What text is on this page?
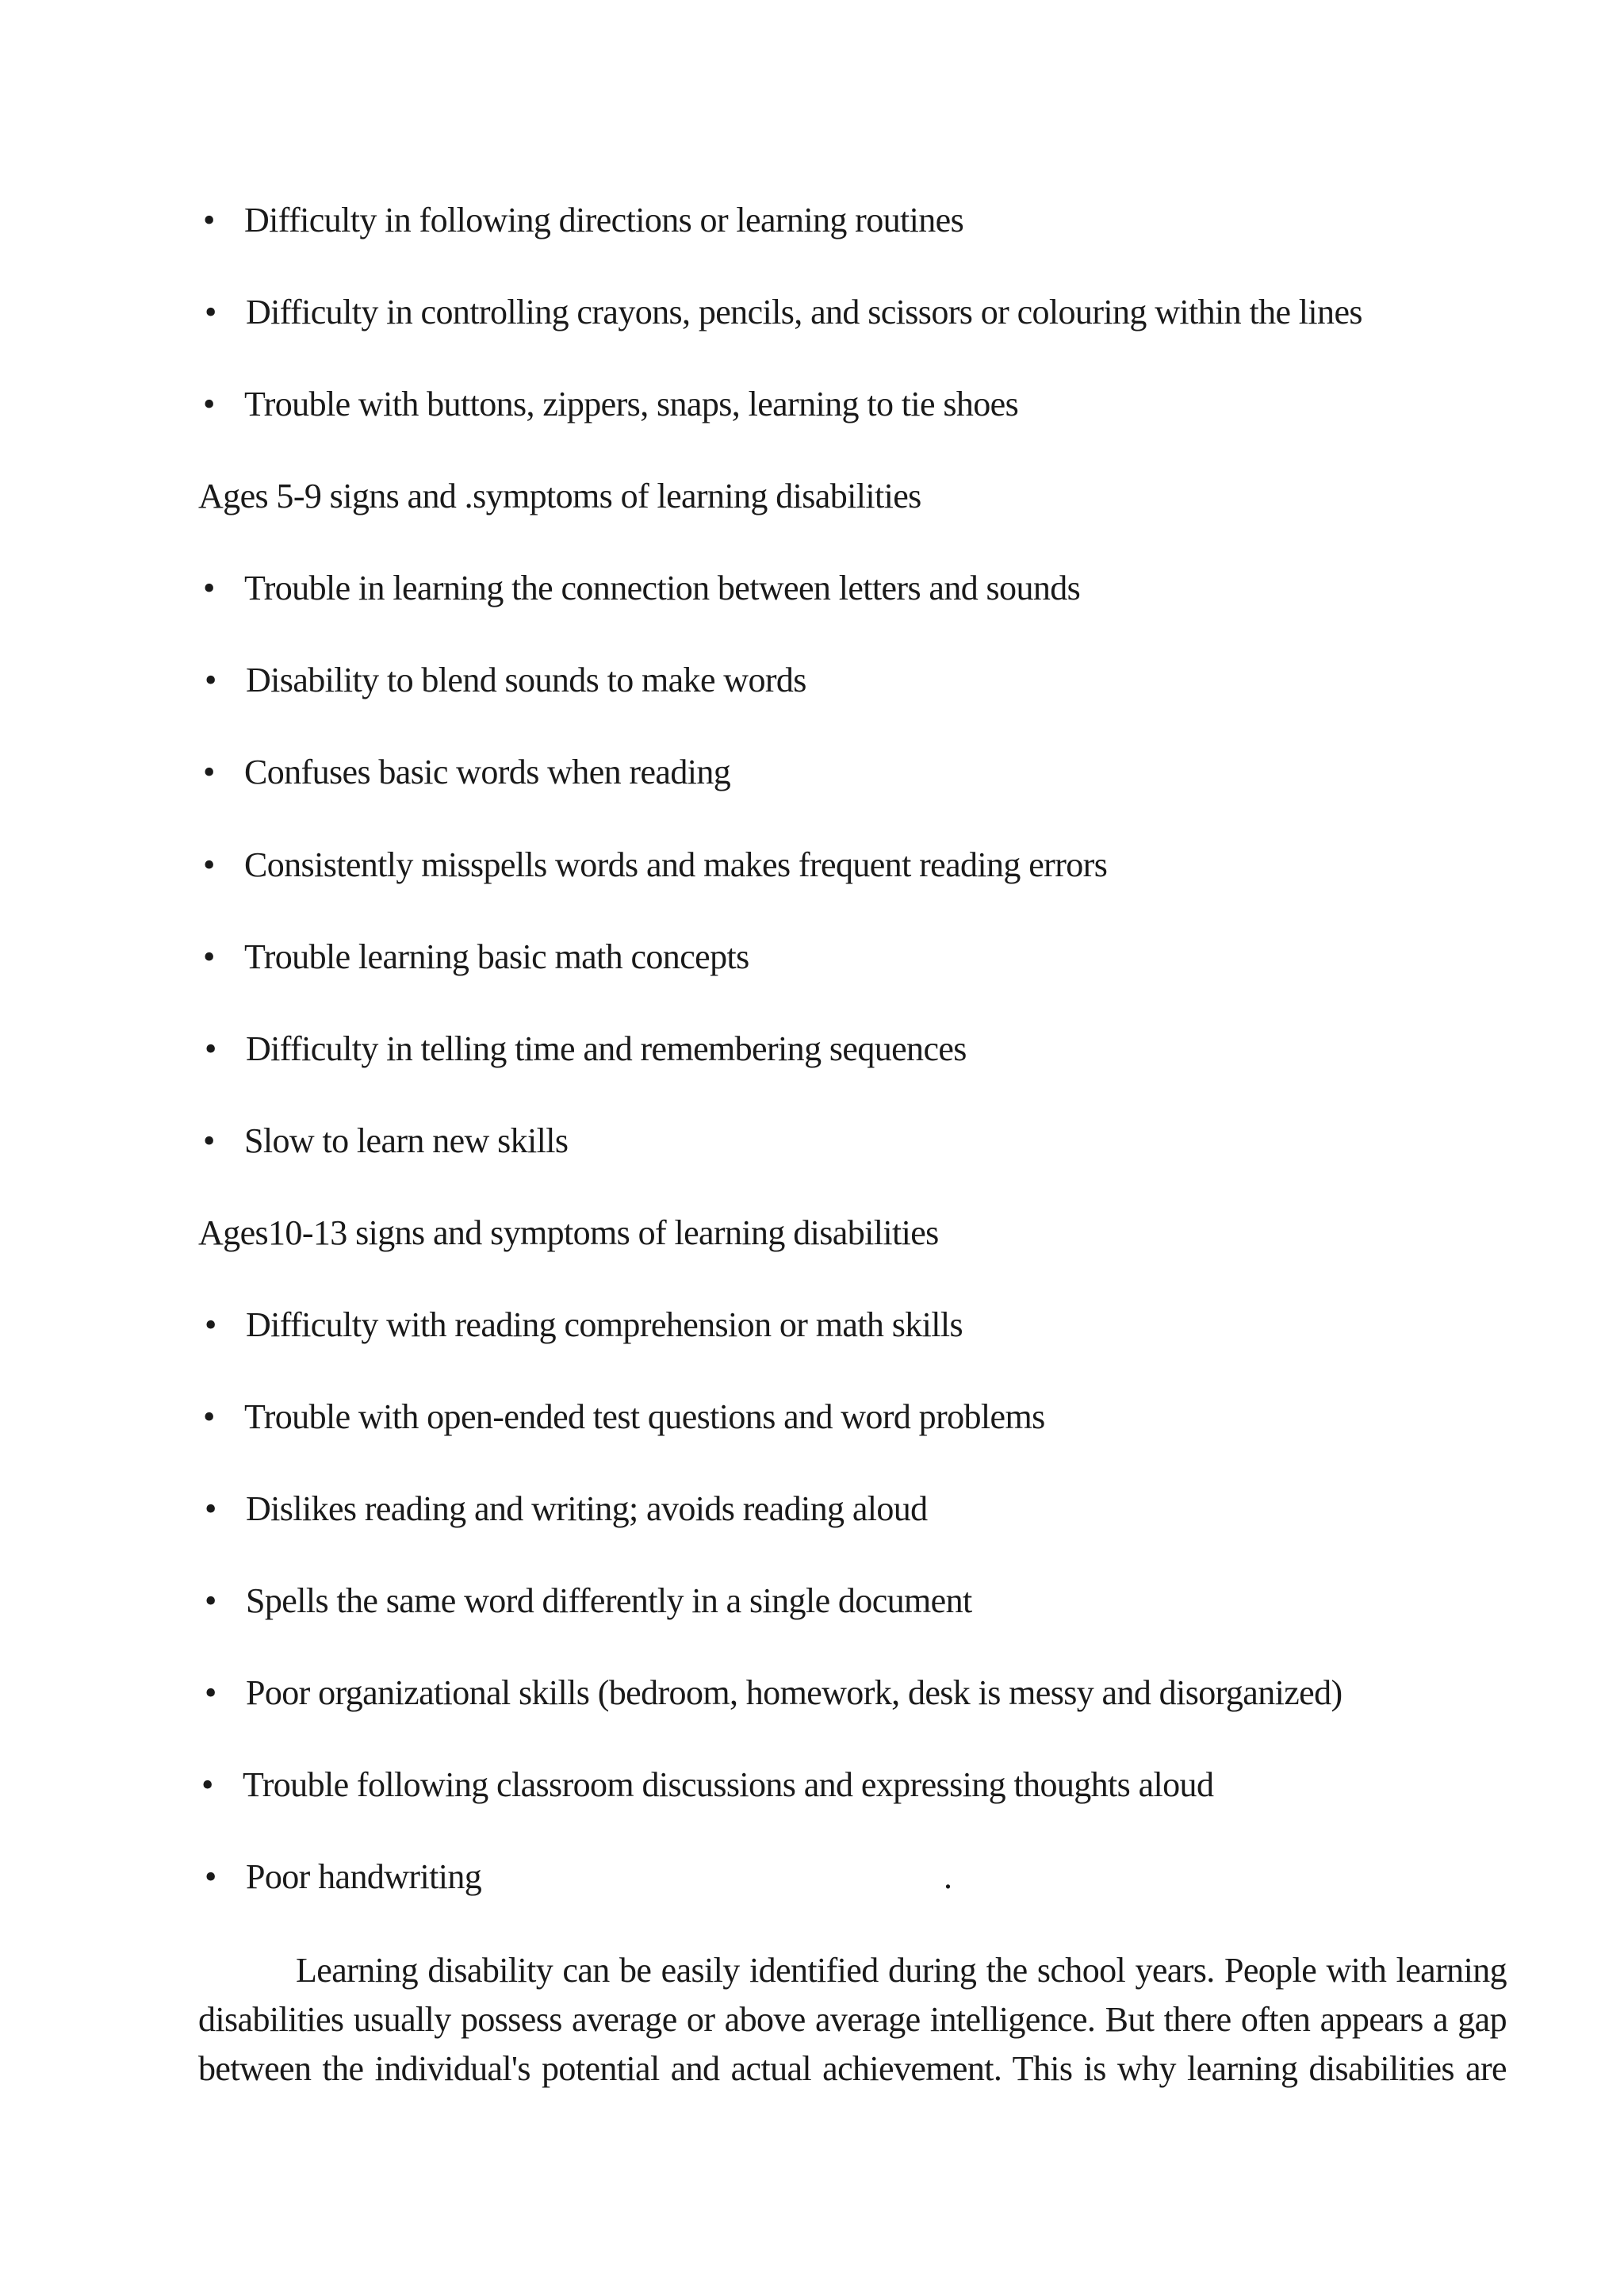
• Difficulty in following directions or learning routines
• Difficulty in controlling crayons, pencils, and scissors or colouring within the lines
• Trouble with buttons, zippers, snaps, learning to tie shoes
Ages 5-9 signs and .symptoms of learning disabilities
• Trouble in learning the connection between letters and sounds
• Disability to blend sounds to make words
• Confuses basic words when reading
• Consistently misspells words and makes frequent reading errors
• Trouble learning basic math concepts
• Difficulty in telling time and remembering sequences
• Slow to learn new skills
Ages10-13 signs and symptoms of learning disabilities
• Difficulty with reading comprehension or math skills
• Trouble with open-ended test questions and word problems
• Dislikes reading and writing; avoids reading aloud
• Spells the same word differently in a single document
• Poor organizational skills (bedroom, homework, desk is messy and disorganized)
• Trouble following classroom discussions and expressing thoughts aloud
• Poor handwriting	.
Learning disability can be easily identified during the school years. People with learning
disabilities usually possess average or above average intelligence. But there often appears a gap
between the individual's potential and actual achievement. This is why learning disabilities are
